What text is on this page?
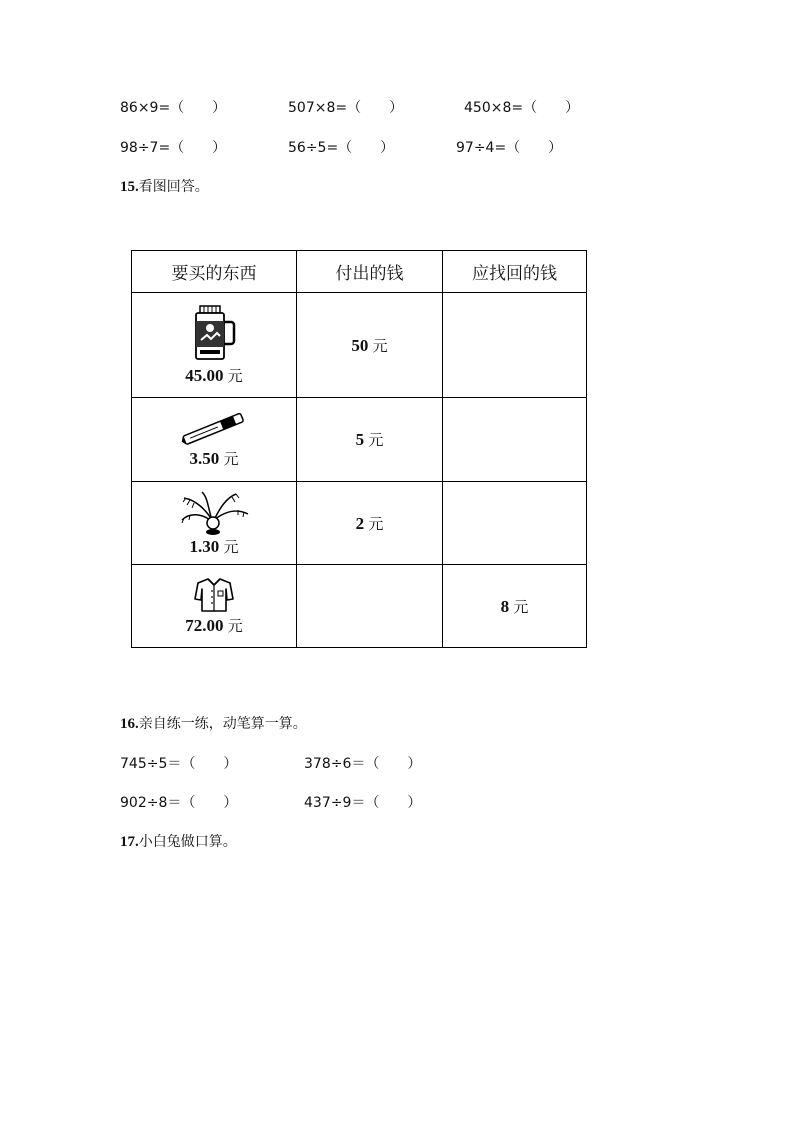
86×9=（　　）	507×8=（　　）	450×8=（　　）
98÷7=（　　）	56÷5=（　　）	97÷4=（　　）
15.看图回答。
要买的东西	付出的钱	应找回的钱

45.00 元	50 元	

3.50 元	5 元	

1.30 元	2 元	

72.00 元		8 元
16.亲自练一练，动笔算一算。
745÷5＝（　　）	378÷6＝（　　）
902÷8＝（　　）	437÷9＝（　　）
17.小白兔做口算。
